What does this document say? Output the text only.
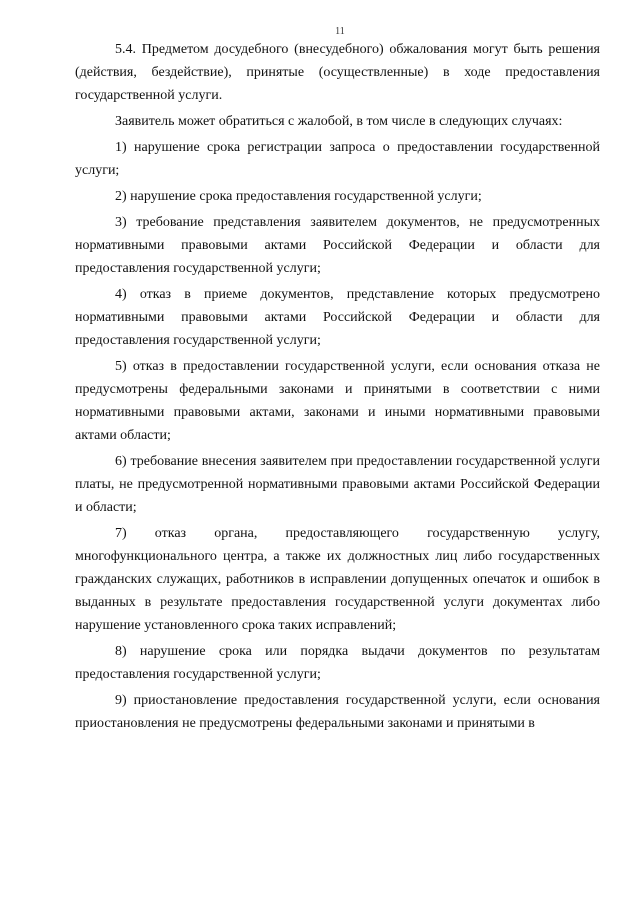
11

5.4. Предметом досудебного (внесудебного) обжалования могут быть решения (действия, бездействие), принятые (осуществленные) в ходе предоставления государственной услуги.

Заявитель может обратиться с жалобой, в том числе в следующих случаях:

1) нарушение срока регистрации запроса о предоставлении государственной услуги;

2) нарушение срока предоставления государственной услуги;

3) требование представления заявителем документов, не предусмотренных нормативными правовыми актами Российской Федерации и области для предоставления государственной услуги;

4) отказ в приеме документов, представление которых предусмотрено нормативными правовыми актами Российской Федерации и области для предоставления государственной услуги;

5) отказ в предоставлении государственной услуги, если основания отказа не предусмотрены федеральными законами и принятыми в соответствии с ними нормативными правовыми актами, законами и иными нормативными правовыми актами области;

6) требование внесения заявителем при предоставлении государственной услуги платы, не предусмотренной нормативными правовыми актами Российской Федерации и области;

7) отказ органа, предоставляющего государственную услугу, многофункционального центра, а также их должностных лиц либо государственных гражданских служащих, работников в исправлении допущенных опечаток и ошибок в выданных в результате предоставления государственной услуги документах либо нарушение установленного срока таких исправлений;

8) нарушение срока или порядка выдачи документов по результатам предоставления государственной услуги;

9) приостановление предоставления государственной услуги, если основания приостановления не предусмотрены федеральными законами и принятыми в
